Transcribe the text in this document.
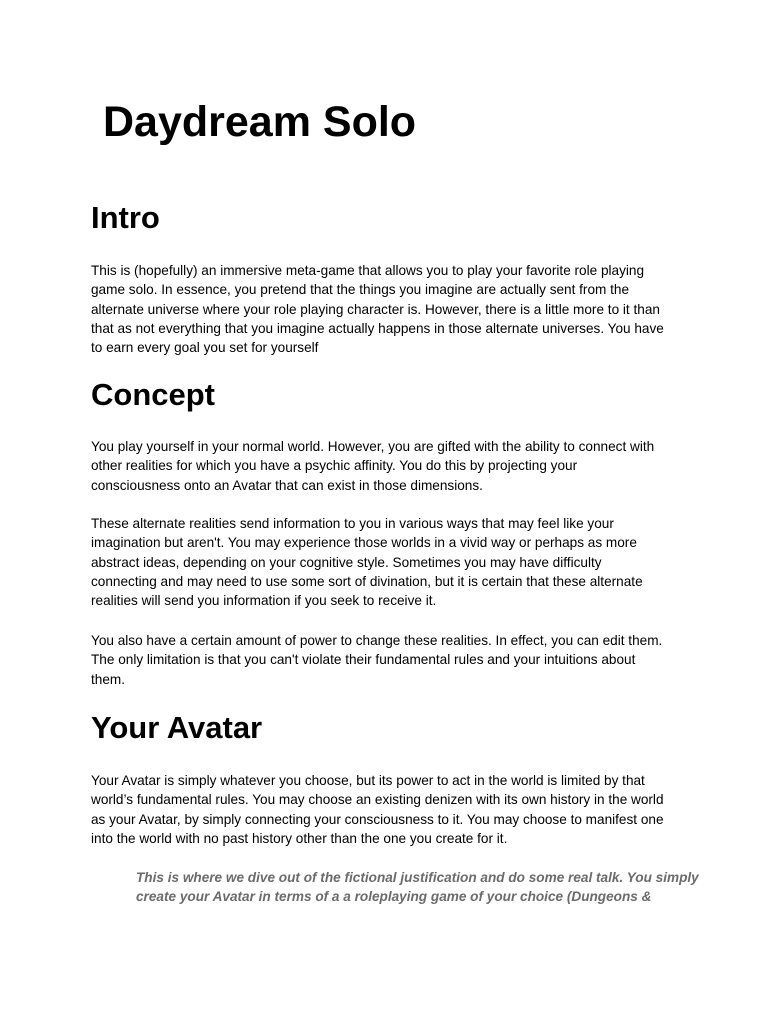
Daydream Solo
Intro

This is (hopefully) an immersive meta-game that allows you to play your favorite role playing
game solo. In essence, you pretend that the things you imagine are actually sent from the
alternate universe where your role playing character is. However, there is a little more to it than
that as not everything that you imagine actually happens in those alternate universes. You have
to earn every goal you set for yourself

Concept

You play yourself in your normal world. However, you are gifted with the ability to connect with
other realities for which you have a psychic affinity. You do this by projecting your
consciousness onto an Avatar that can exist in those dimensions.

These alternate realities send information to you in various ways that may feel like your
imagination but aren't. You may experience those worlds in a vivid way or perhaps as more
abstract ideas, depending on your cognitive style. Sometimes you may have difficulty
connecting and may need to use some sort of divination, but it is certain that these alternate
realities will send you information if you seek to receive it.

You also have a certain amount of power to change these realities. In effect, you can edit them.
The only limitation is that you can't violate their fundamental rules and your intuitions about
them.

Your Avatar

Your Avatar is simply whatever you choose, but its power to act in the world is limited by that
world’s fundamental rules. You may choose an existing denizen with its own history in the world
as your Avatar, by simply connecting your consciousness to it. You may choose to manifest one
into the world with no past history other than the one you create for it.

This is where we dive out of the fictional justification and do some real talk. You simply
create your Avatar in terms of a a roleplaying game of your choice (Dungeons &
